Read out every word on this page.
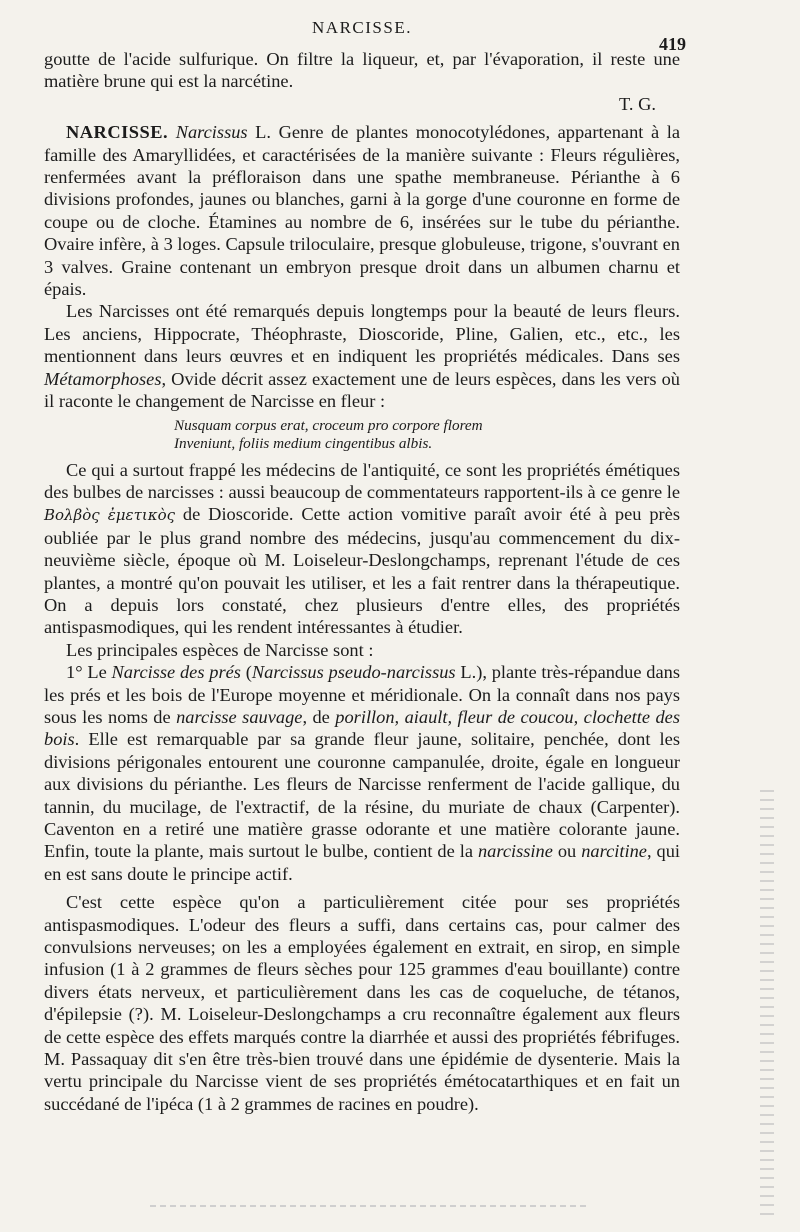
NARCISSE.
419

goutte de l'acide sulfurique. On filtre la liqueur, et, par l'évaporation, il reste une matière brune qui est la narcétine.
T. G.

NARCISSE. Narcissus L. Genre de plantes monocotylédones, appartenant à la famille des Amaryllidées, et caractérisées de la manière suivante : Fleurs régulières, renfermées avant la préfloraison dans une spathe membraneuse. Périanthe à 6 divisions profondes, jaunes ou blanches, garni à la gorge d'une couronne en forme de coupe ou de cloche. Étamines au nombre de 6, insérées sur le tube du périanthe. Ovaire infère, à 3 loges. Capsule triloculaire, presque globuleuse, trigone, s'ouvrant en 3 valves. Graine contenant un embryon presque droit dans un albumen charnu et épais.

Les Narcisses ont été remarqués depuis longtemps pour la beauté de leurs fleurs. Les anciens, Hippocrate, Théophraste, Dioscoride, Pline, Galien, etc., etc., les mentionnent dans leurs œuvres et en indiquent les propriétés médicales. Dans ses Métamorphoses, Ovide décrit assez exactement une de leurs espèces, dans les vers où il raconte le changement de Narcisse en fleur :

Nusquam corpus erat, croceum pro corpore florem
Inveniunt, foliis medium cingentibus albis.

Ce qui a surtout frappé les médecins de l'antiquité, ce sont les propriétés émétiques des bulbes de narcisses : aussi beaucoup de commentateurs rapportent-ils à ce genre le Βολβὸς ἐμετικὸς de Dioscoride. Cette action vomitive paraît avoir été à peu près oubliée par le plus grand nombre des médecins, jusqu'au commencement du dix-neuvième siècle, époque où M. Loiseleur-Deslongchamps, reprenant l'étude de ces plantes, a montré qu'on pouvait les utiliser, et les a fait rentrer dans la thérapeutique. On a depuis lors constaté, chez plusieurs d'entre elles, des propriétés antispasmodiques, qui les rendent intéressantes à étudier.

Les principales espèces de Narcisse sont :

1° Le Narcisse des prés (Narcissus pseudo-narcissus L.), plante très-répandue dans les prés et les bois de l'Europe moyenne et méridionale. On la connaît dans nos pays sous les noms de narcisse sauvage, de porillon, aiault, fleur de coucou, clochette des bois. Elle est remarquable par sa grande fleur jaune, solitaire, penchée, dont les divisions périgonales entourent une couronne campanulée, droite, égale en longueur aux divisions du périanthe. Les fleurs de Narcisse renferment de l'acide gallique, du tannin, du mucilage, de l'extractif, de la résine, du muriate de chaux (Carpenter). Caventon en a retiré une matière grasse odorante et une matière colorante jaune. Enfin, toute la plante, mais surtout le bulbe, contient de la narcissine ou narcitine, qui en est sans doute le principe actif.

C'est cette espèce qu'on a particulièrement citée pour ses propriétés antispasmodiques. L'odeur des fleurs a suffi, dans certains cas, pour calmer des convulsions nerveuses; on les a employées également en extrait, en sirop, en simple infusion (1 à 2 grammes de fleurs sèches pour 125 grammes d'eau bouillante) contre divers états nerveux, et particulièrement dans les cas de coqueluche, de tétanos, d'épilepsie (?). M. Loiseleur-Deslongchamps a cru reconnaître également aux fleurs de cette espèce des effets marqués contre la diarrhée et aussi des propriétés fébrifuges. M. Passaquay dit s'en être très-bien trouvé dans une épidémie de dysenterie. Mais la vertu principale du Narcisse vient de ses propriétés émétocatarthiques et en fait un succédané de l'ipéca (1 à 2 grammes de racines en poudre).
